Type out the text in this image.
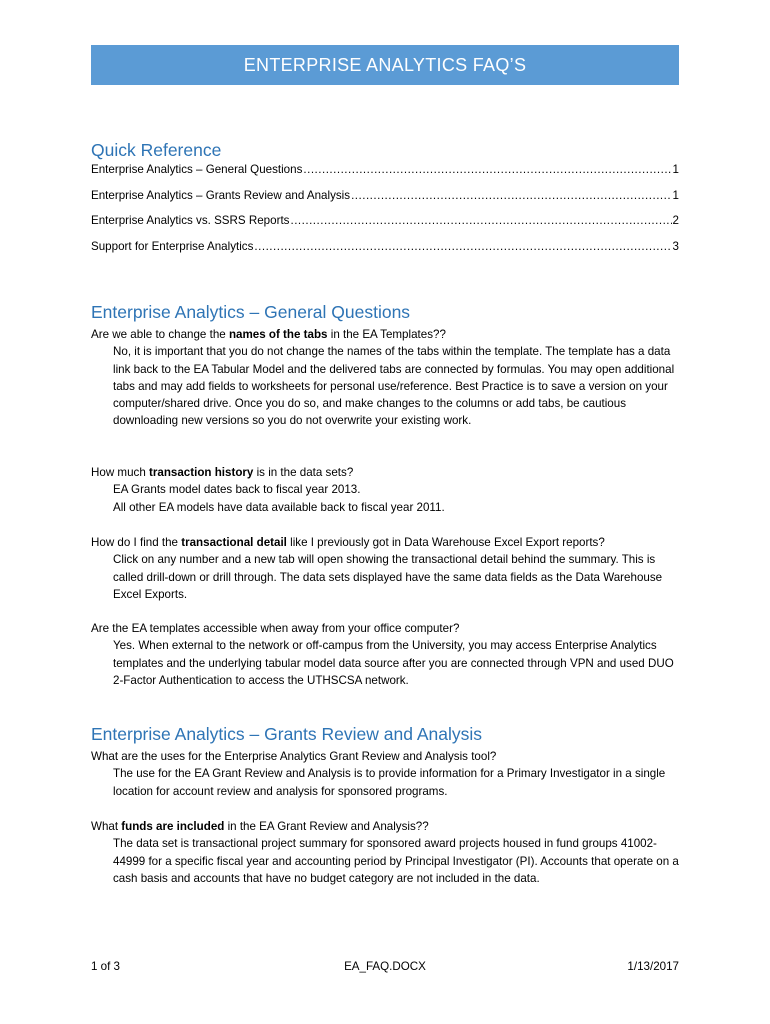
ENTERPRISE ANALYTICS FAQ’S
Quick Reference
Enterprise Analytics – General Questions .....	1
Enterprise Analytics – Grants Review and Analysis .....	1
Enterprise Analytics vs. SSRS Reports .....	2
Support for Enterprise Analytics .....	3
Enterprise Analytics – General Questions

Are we able to change the names of the tabs in the EA Templates??

No, it is important that you do not change the names of the tabs within the template. The template has a data link back to the EA Tabular Model and the delivered tabs are connected by formulas. You may open additional tabs and may add fields to worksheets for personal use/reference. Best Practice is to save a version on your computer/shared drive. Once you do so, and make changes to the columns or add tabs, be cautious downloading new versions so you do not overwrite your existing work.

How much transaction history is in the data sets?

EA Grants model dates back to fiscal year 2013.

All other EA models have data available back to fiscal year 2011.

How do I find the transactional detail like I previously got in Data Warehouse Excel Export reports?

Click on any number and a new tab will open showing the transactional detail behind the summary. This is called drill-down or drill through. The data sets displayed have the same data fields as the Data Warehouse Excel Exports.

Are the EA templates accessible when away from your office computer?

Yes. When external to the network or off-campus from the University, you may access Enterprise Analytics templates and the underlying tabular model data source after you are connected through VPN and used DUO 2-Factor Authentication to access the UTHSCSA network.

Enterprise Analytics – Grants Review and Analysis

What are the uses for the Enterprise Analytics Grant Review and Analysis tool?

The use for the EA Grant Review and Analysis is to provide information for a Primary Investigator in a single location for account review and analysis for sponsored programs.

What funds are included in the EA Grant Review and Analysis??

The data set is transactional project summary for sponsored award projects housed in fund groups 41002-44999 for a specific fiscal year and accounting period by Principal Investigator (PI). Accounts that operate on a cash basis and accounts that have no budget category are not included in the data.

1 of 3	EA_FAQ.DOCX	1/13/2017
